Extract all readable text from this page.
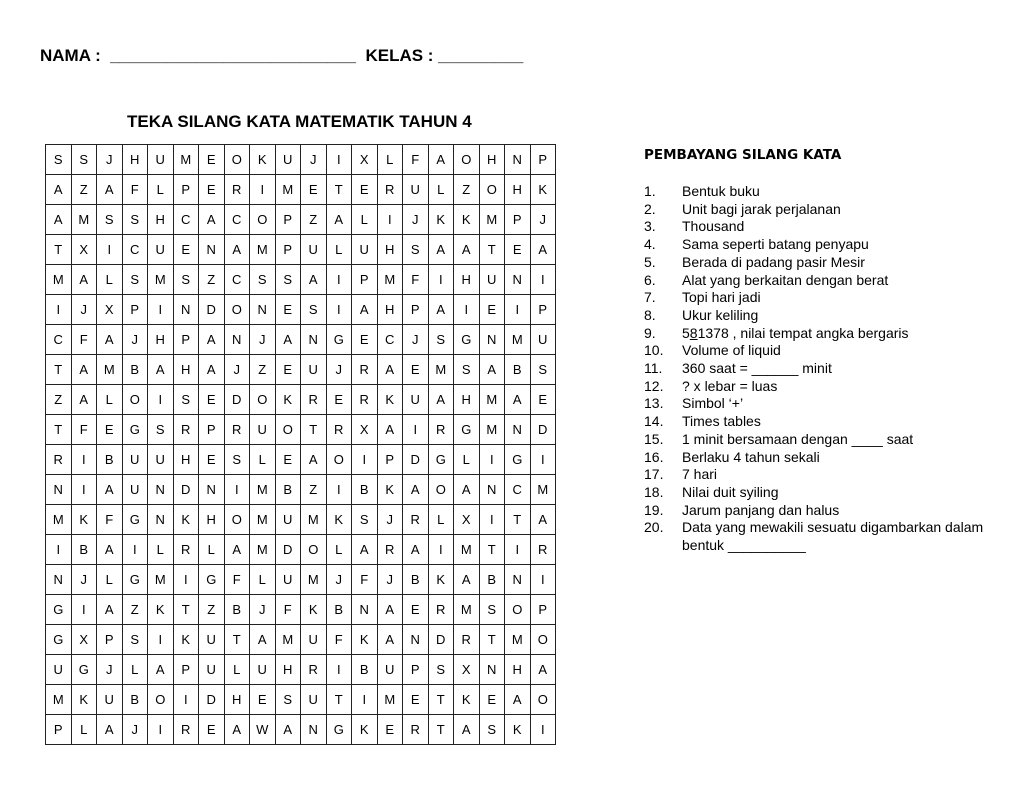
NAMA :  __________________________  KELAS : _________
TEKA SILANG KATA MATEMATIK TAHUN 4
S	S	J	H	U	M	E	O	K	U	J	I	X	L	F	A	O	H	N	P
A	Z	A	F	L	P	E	R	I	M	E	T	E	R	U	L	Z	O	H	K
A	M	S	S	H	C	A	C	O	P	Z	A	L	I	J	K	K	M	P	J
T	X	I	C	U	E	N	A	M	P	U	L	U	H	S	A	A	T	E	A
M	A	L	S	M	S	Z	C	S	S	A	I	P	M	F	I	H	U	N	I
I	J	X	P	I	N	D	O	N	E	S	I	A	H	P	A	I	E	I	P
C	F	A	J	H	P	A	N	J	A	N	G	E	C	J	S	G	N	M	U
T	A	M	B	A	H	A	J	Z	E	U	J	R	A	E	M	S	A	B	S
Z	A	L	O	I	S	E	D	O	K	R	E	R	K	U	A	H	M	A	E
T	F	E	G	S	R	P	R	U	O	T	R	X	A	I	R	G	M	N	D
R	I	B	U	U	H	E	S	L	E	A	O	I	P	D	G	L	I	G	I
N	I	A	U	N	D	N	I	M	B	Z	I	B	K	A	O	A	N	C	M
M	K	F	G	N	K	H	O	M	U	M	K	S	J	R	L	X	I	T	A
I	B	A	I	L	R	L	A	M	D	O	L	A	R	A	I	M	T	I	R
N	J	L	G	M	I	G	F	L	U	M	J	F	J	B	K	A	B	N	I
G	I	A	Z	K	T	Z	B	J	F	K	B	N	A	E	R	M	S	O	P
G	X	P	S	I	K	U	T	A	M	U	F	K	A	N	D	R	T	M	O
U	G	J	L	A	P	U	L	U	H	R	I	B	U	P	S	X	N	H	A
M	K	U	B	O	I	D	H	E	S	U	T	I	M	E	T	K	E	A	O
P	L	A	J	I	R	E	A	W	A	N	G	K	E	R	T	A	S	K	I
PEMBAYANG SILANG KATA
1.	Bentuk buku
2.	Unit bagi jarak perjalanan
3.	Thousand
4.	Sama seperti batang penyapu
5.	Berada di padang pasir Mesir
6.	Alat yang berkaitan dengan berat
7.	Topi hari jadi
8.	Ukur keliling
9.	581378 , nilai tempat angka bergaris
10.	Volume of liquid
11.	360 saat = ______ minit
12.	? x lebar = luas
13.	Simbol ‘+’
14.	Times tables
15.	1 minit bersamaan dengan ____ saat
16.	Berlaku 4 tahun sekali
17.	7 hari
18.	Nilai duit syiling
19.	Jarum panjang dan halus
20.	Data yang mewakili sesuatu digambarkan dalam bentuk __________
